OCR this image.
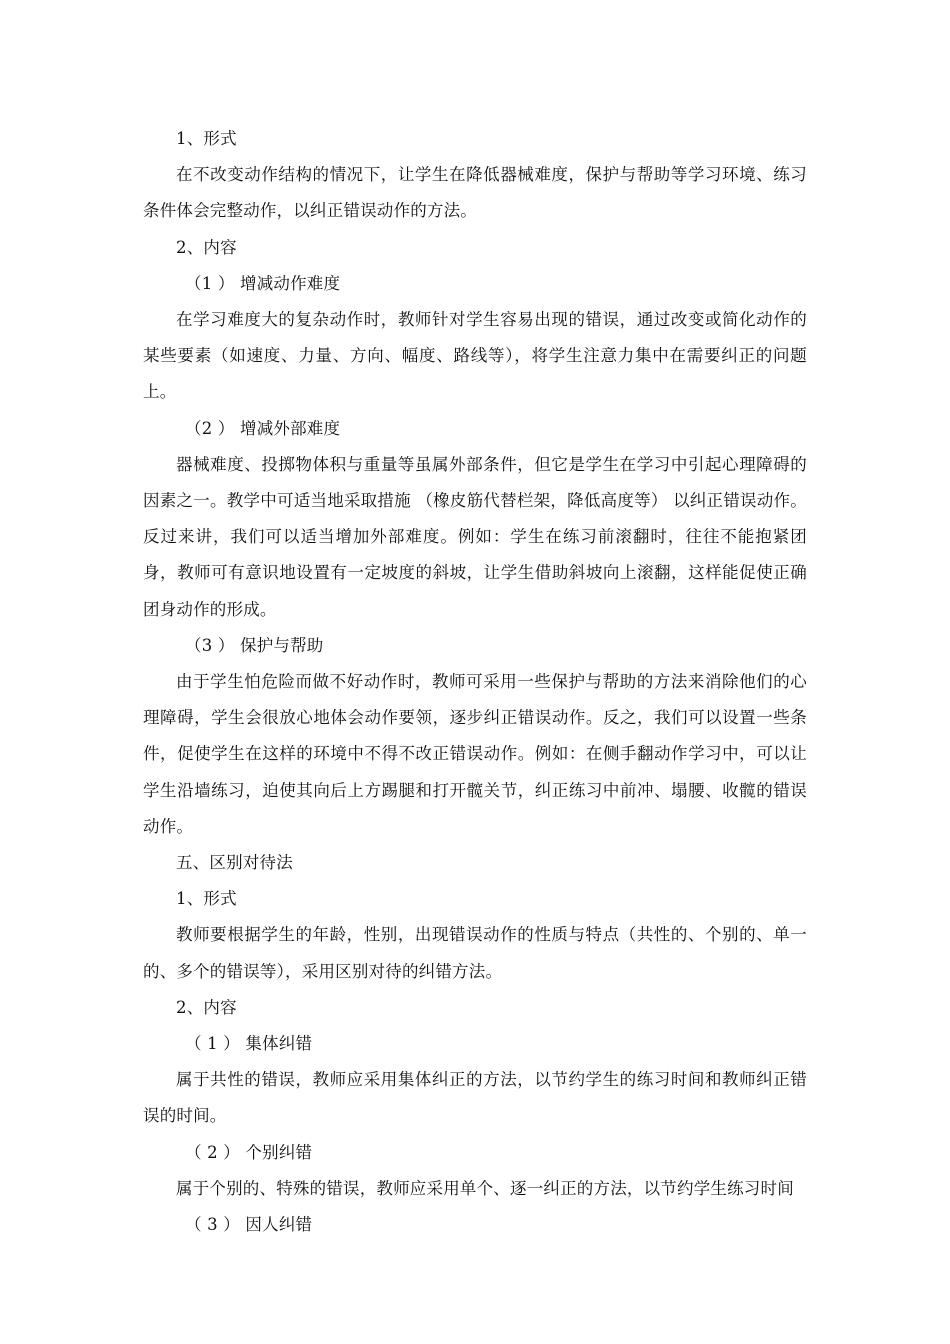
1、形式

在不改变动作结构的情况下，让学生在降低器械难度，保护与帮助等学习环境、练习条件体会完整动作，以纠正错误动作的方法。

2、内容

（1 ） 增减动作难度

在学习难度大的复杂动作时，教师针对学生容易出现的错误，通过改变或简化动作的某些要素（如速度、力量、方向、幅度、路线等），将学生注意力集中在需要纠正的问题上。

（2 ） 增减外部难度

器械难度、投掷物体积与重量等虽属外部条件，但它是学生在学习中引起心理障碍的因素之一。教学中可适当地采取措施 （橡皮筋代替栏架，降低高度等） 以纠正错误动作。反过来讲，我们可以适当增加外部难度。例如：学生在练习前滚翻时，往往不能抱紧团身，教师可有意识地设置有一定坡度的斜坡，让学生借助斜坡向上滚翻，这样能促使正确团身动作的形成。

（3 ） 保护与帮助

由于学生怕危险而做不好动作时，教师可采用一些保护与帮助的方法来消除他们的心理障碍，学生会很放心地体会动作要领，逐步纠正错误动作。反之，我们可以设置一些条件，促使学生在这样的环境中不得不改正错误动作。例如：在侧手翻动作学习中，可以让学生沿墙练习，迫使其向后上方踢腿和打开髋关节，纠正练习中前冲、塌腰、收髋的错误动作。

五、区别对待法

1、形式

教师要根据学生的年龄，性别，出现错误动作的性质与特点（共性的、个别的、单一的、多个的错误等），采用区别对待的纠错方法。

2、内容

（ 1 ） 集体纠错

属于共性的错误，教师应采用集体纠正的方法，以节约学生的练习时间和教师纠正错误的时间。

（ 2 ） 个别纠错

属于个别的、特殊的错误，教师应采用单个、逐一纠正的方法，以节约学生练习时间

（ 3 ） 因人纠错
